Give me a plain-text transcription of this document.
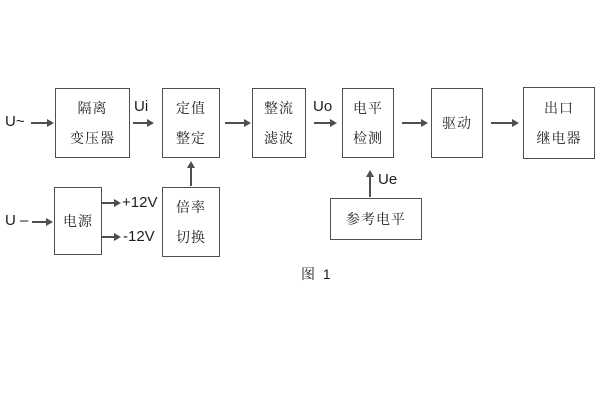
U~
U –
Ui	Uo
Ue
+12V
-12V
隔离
变压器
定值
整定
整流
滤波
电平
检测
驱动
出口
继电器
电源
倍率
切换
参考电平
图 1
